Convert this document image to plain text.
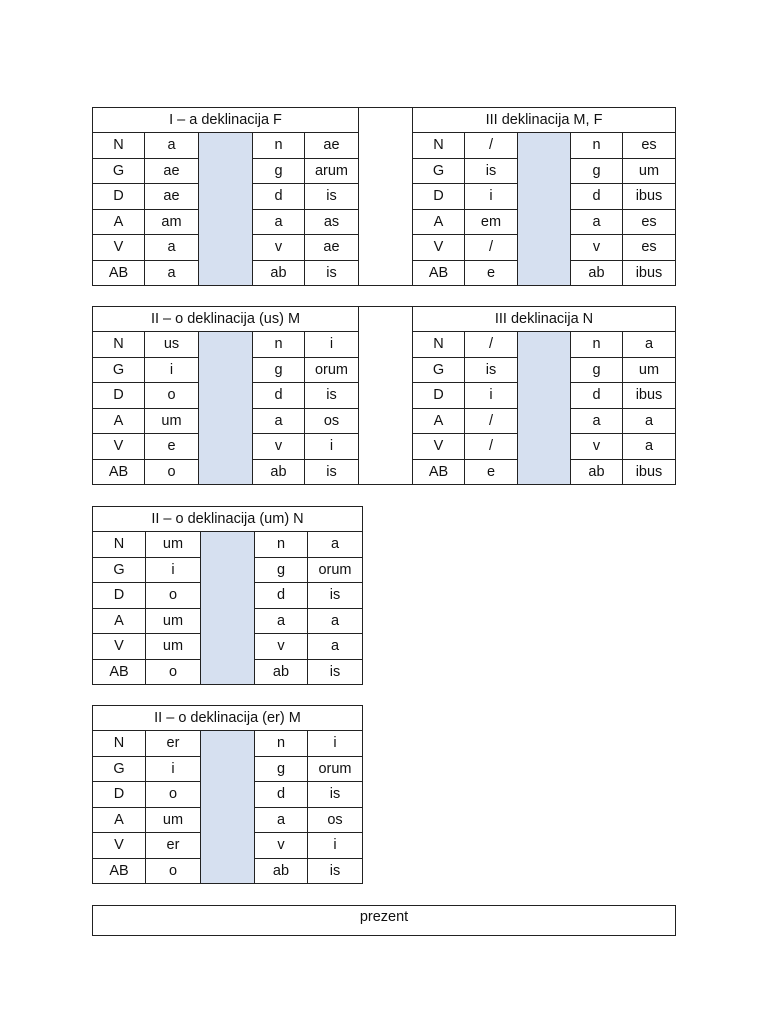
I – a deklinacija F
N	a	n	ae
G	ae	g	arum
D	ae	d	is
A	am	a	as
V	a	v	ae
AB	a	ab	is
III deklinacija M, F
N	/	n	es
G	is	g	um
D	i	d	ibus
A	em	a	es
V	/	v	es
AB	e	ab	ibus
II – o deklinacija (us) M
N	us	n	i
G	i	g	orum
D	o	d	is
A	um	a	os
V	e	v	i
AB	o	ab	is
III deklinacija N
N	/	n	a
G	is	g	um
D	i	d	ibus
A	/	a	a
V	/	v	a
AB	e	ab	ibus
II – o deklinacija (um) N
N	um	n	a
G	i	g	orum
D	o	d	is
A	um	a	a
V	um	v	a
AB	o	ab	is
II – o deklinacija (er) M
N	er	n	i
G	i	g	orum
D	o	d	is
A	um	a	os
V	er	v	i
AB	o	ab	is
prezent
